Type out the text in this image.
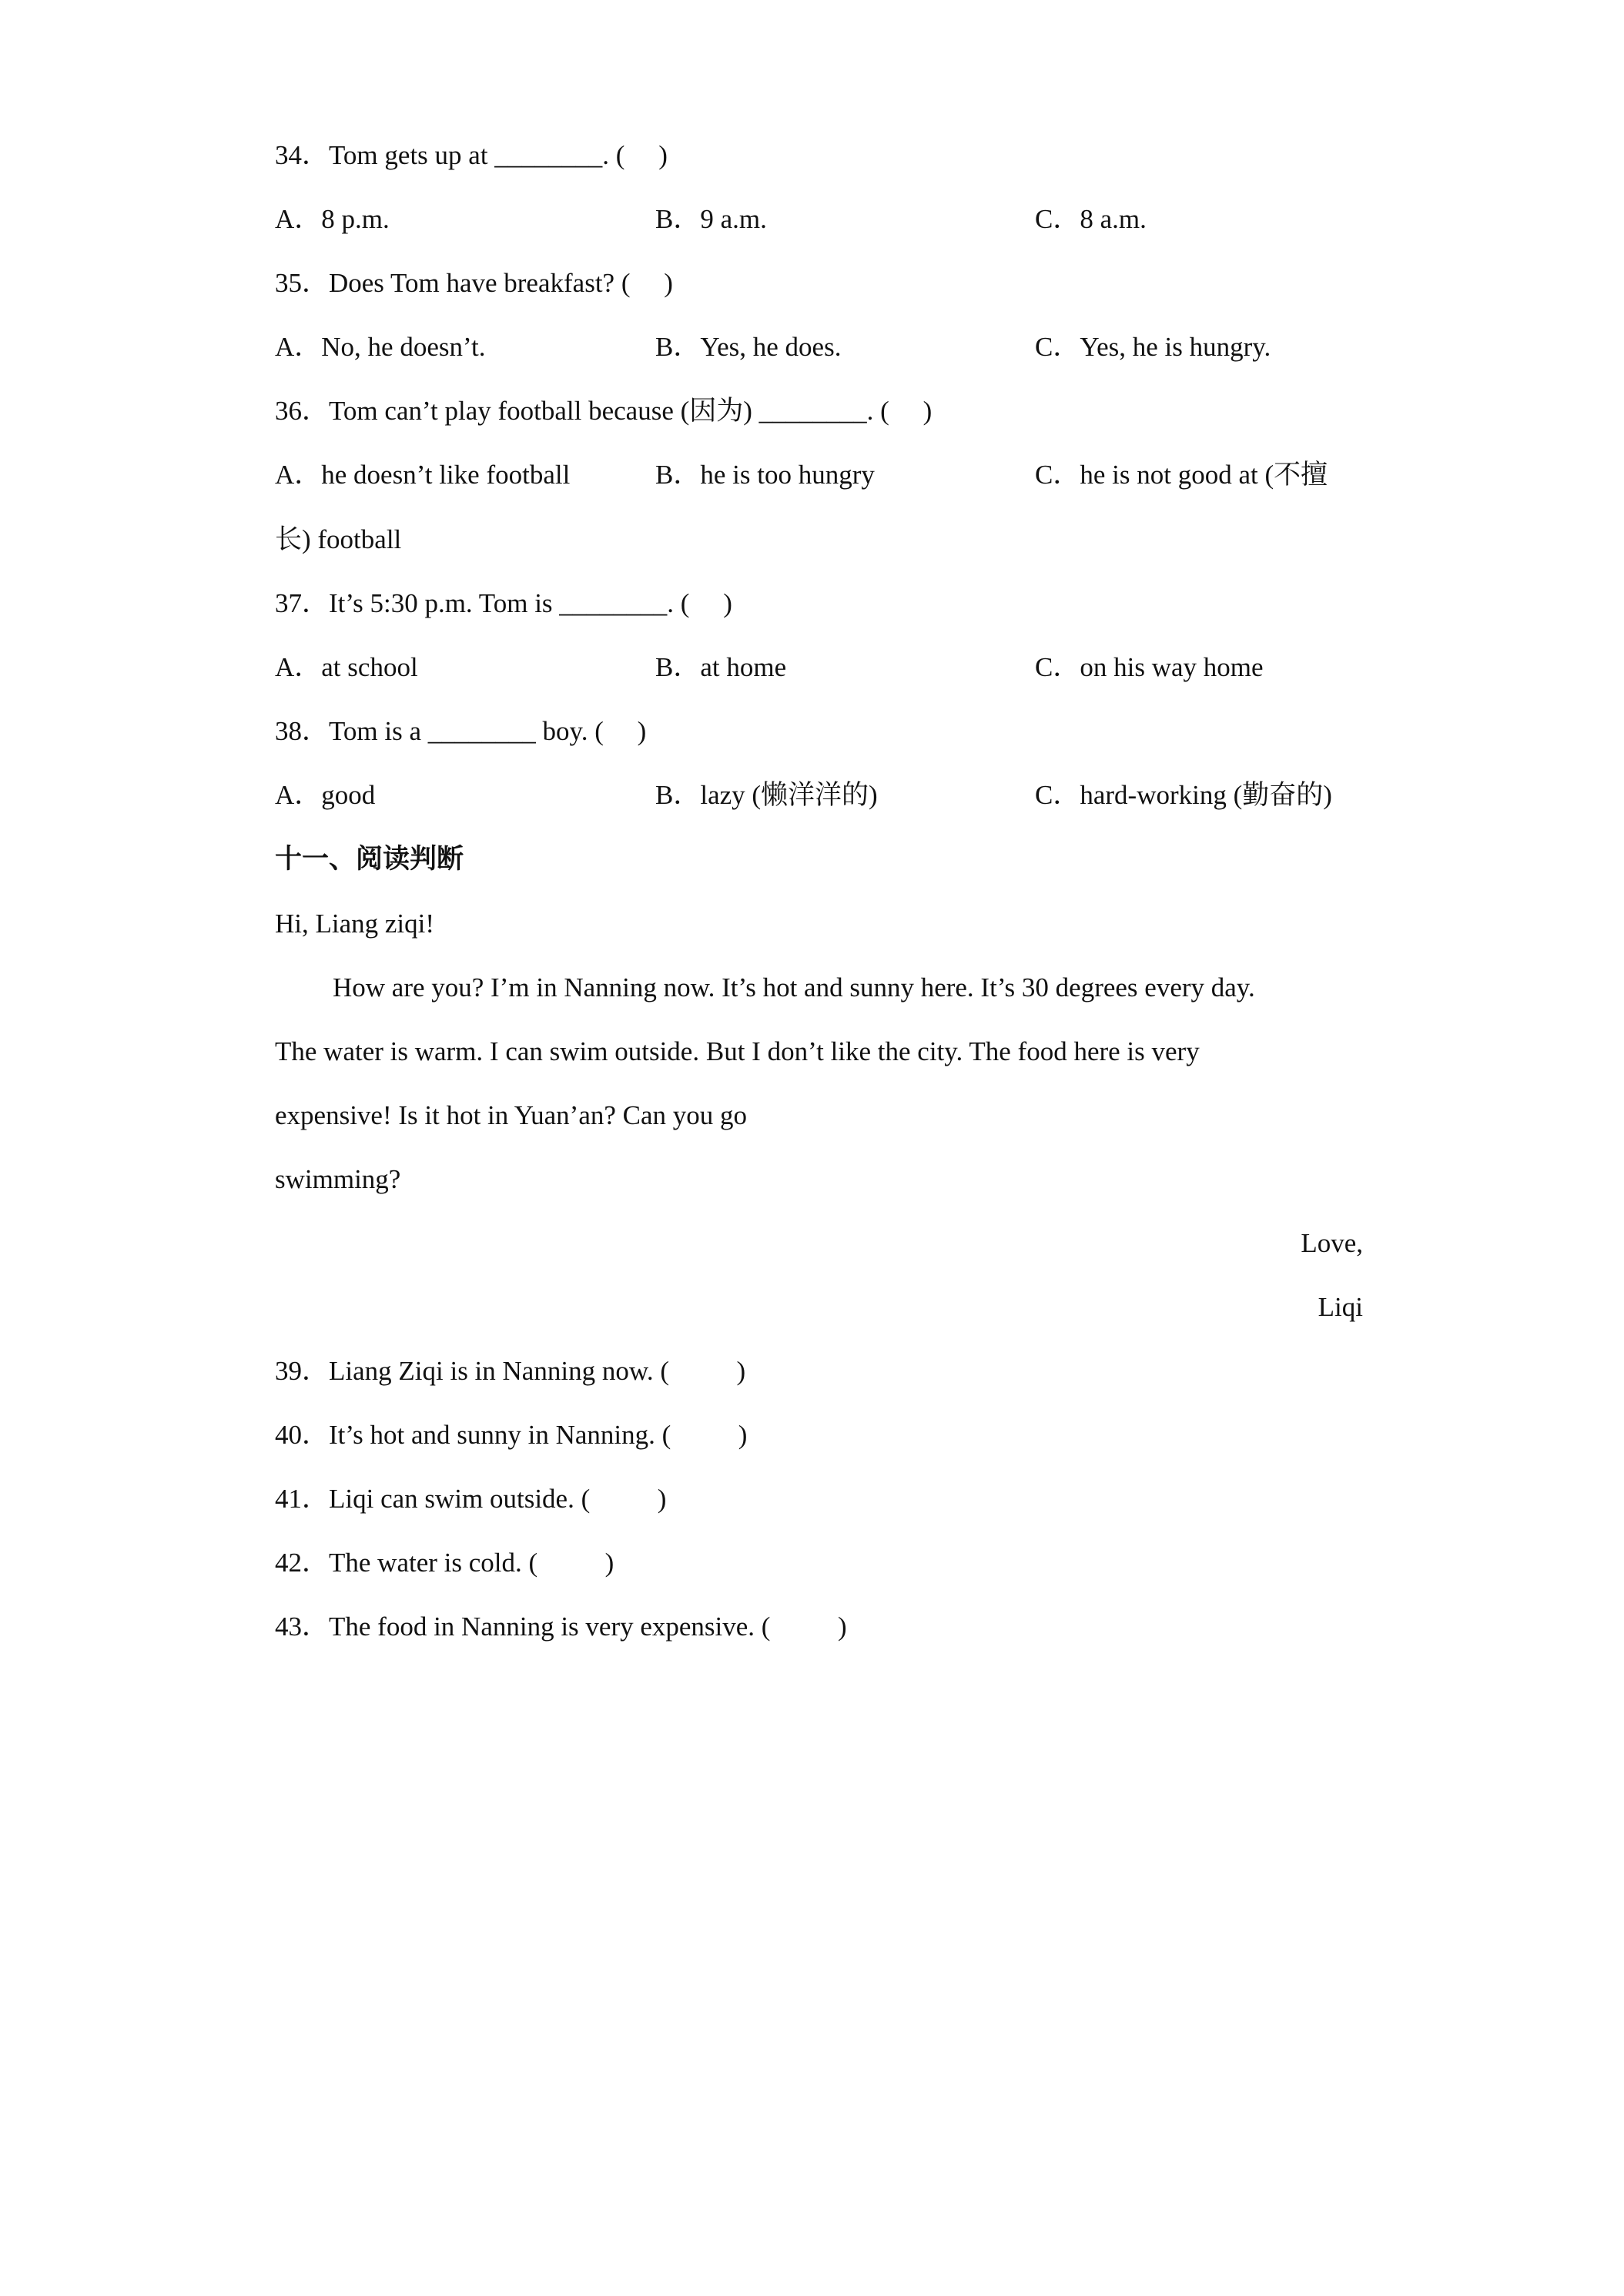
34．Tom gets up at ________. (     )
A．8 p.m.	B．9 a.m.	C．8 a.m.
35．Does Tom have breakfast? (     )
A．No, he doesn’t.	B．Yes, he does.	C．Yes, he is hungry.
36．Tom can’t play football because (因为) ________. (     )
A．he doesn’t like football	B．he is too hungry	C．he is not good at (不擅
长) football
37．It’s 5:30 p.m. Tom is ________. (     )
A．at school	B．at home	C．on his way home
38．Tom is a ________ boy. (     )
A．good	B．lazy (懒洋洋的)	C．hard-working (勤奋的)
十一、阅读判断
Hi, Liang ziqi!
How are you? I’m in Nanning now. It’s hot and sunny here. It’s 30 degrees every day.
The water is warm. I can swim outside. But I don’t like the city. The food here is very
expensive! Is it hot in Yuan’an? Can you go
swimming?
Love,
Liqi
39．Liang Ziqi is in Nanning now. (          )
40．It’s hot and sunny in Nanning. (          )
41．Liqi can swim outside. (          )
42．The water is cold. (          )
43．The food in Nanning is very expensive. (          )
